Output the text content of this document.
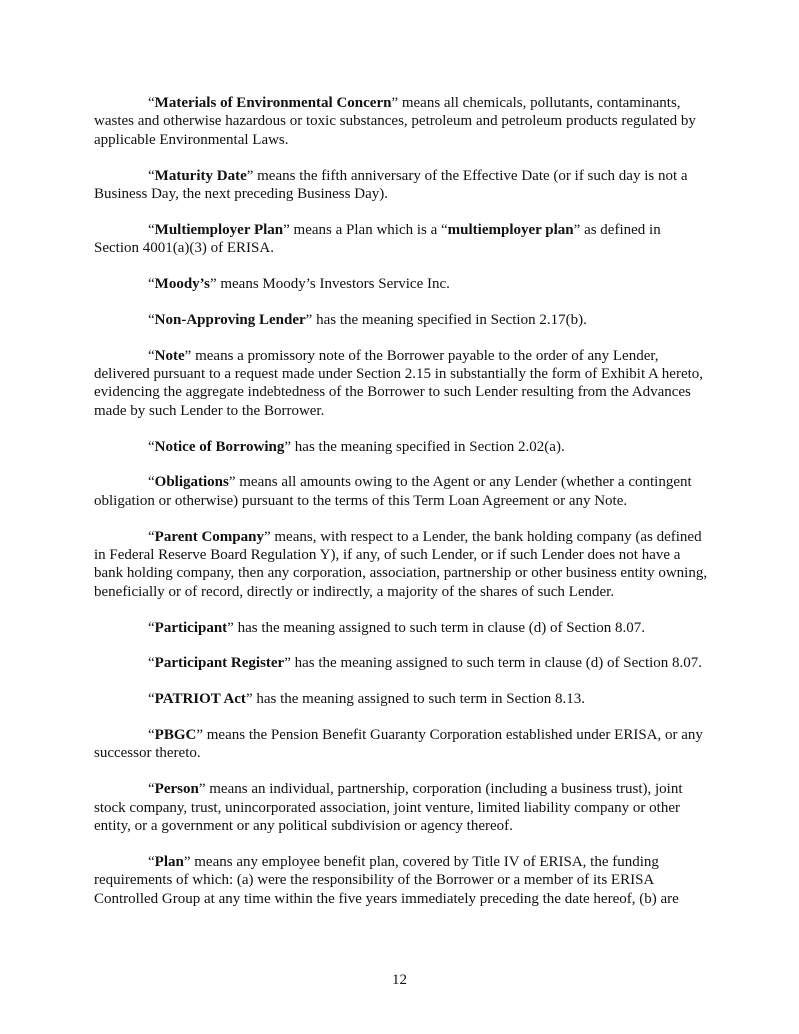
“Materials of Environmental Concern” means all chemicals, pollutants, contaminants, wastes and otherwise hazardous or toxic substances, petroleum and petroleum products regulated by applicable Environmental Laws.

“Maturity Date” means the fifth anniversary of the Effective Date (or if such day is not a Business Day, the next preceding Business Day).

“Multiemployer Plan” means a Plan which is a “multiemployer plan” as defined in Section 4001(a)(3) of ERISA.

“Moody’s” means Moody’s Investors Service Inc.

“Non-Approving Lender” has the meaning specified in Section 2.17(b).

“Note” means a promissory note of the Borrower payable to the order of any Lender, delivered pursuant to a request made under Section 2.15 in substantially the form of Exhibit A hereto, evidencing the aggregate indebtedness of the Borrower to such Lender resulting from the Advances made by such Lender to the Borrower.

“Notice of Borrowing” has the meaning specified in Section 2.02(a).

“Obligations” means all amounts owing to the Agent or any Lender (whether a contingent obligation or otherwise) pursuant to the terms of this Term Loan Agreement or any Note.

“Parent Company” means, with respect to a Lender, the bank holding company (as defined in Federal Reserve Board Regulation Y), if any, of such Lender, or if such Lender does not have a bank holding company, then any corporation, association, partnership or other business entity owning, beneficially or of record, directly or indirectly, a majority of the shares of such Lender.

“Participant” has the meaning assigned to such term in clause (d) of Section 8.07.

“Participant Register” has the meaning assigned to such term in clause (d) of Section 8.07.

“PATRIOT Act” has the meaning assigned to such term in Section 8.13.

“PBGC” means the Pension Benefit Guaranty Corporation established under ERISA, or any successor thereto.

“Person” means an individual, partnership, corporation (including a business trust), joint stock company, trust, unincorporated association, joint venture, limited liability company or other entity, or a government or any political subdivision or agency thereof.

“Plan” means any employee benefit plan, covered by Title IV of ERISA, the funding requirements of which: (a) were the responsibility of the Borrower or a member of its ERISA Controlled Group at any time within the five years immediately preceding the date hereof, (b) are

12
